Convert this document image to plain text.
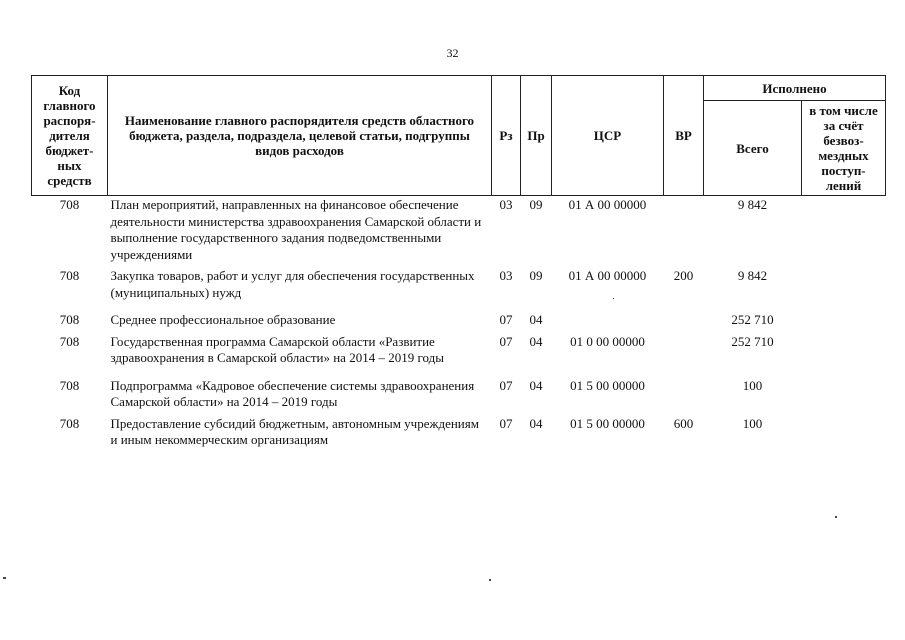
32
Код главного распоря-дителя бюджет-ных средств	Наименование главного распорядителя средств областного бюджета, раздела, подраздела, целевой статьи, подгруппы видов расходов	Рз	Пр	ЦСР	ВР	Исполнено	
						Всего	в том числе за счёт безвоз-мездных поступ-лений
708	План мероприятий, направленных на финансовое обеспечение деятельности министерства здравоохранения Самарской области и выполнение государственного задания подведомственными учреждениями	03	09	01 А 00 00000		9 842	
708	Закупка товаров, работ и услуг для обеспечения государственных (муниципальных) нужд	03	09	01 А 00 00000	200	9 842	
708	Среднее профессиональное образование	07	04			252 710	
708	Государственная программа Самарской области «Развитие здравоохранения в Самарской области» на 2014 – 2019 годы	07	04	01 0 00 00000		252 710	
708	Подпрограмма «Кадровое обеспечение системы здравоохранения Самарской области» на 2014 – 2019 годы	07	04	01 5 00 00000		100	
708	Предоставление субсидий бюджетным, автономным учреждениям и иным некоммерческим организациям	07	04	01 5 00 00000	600	100	
